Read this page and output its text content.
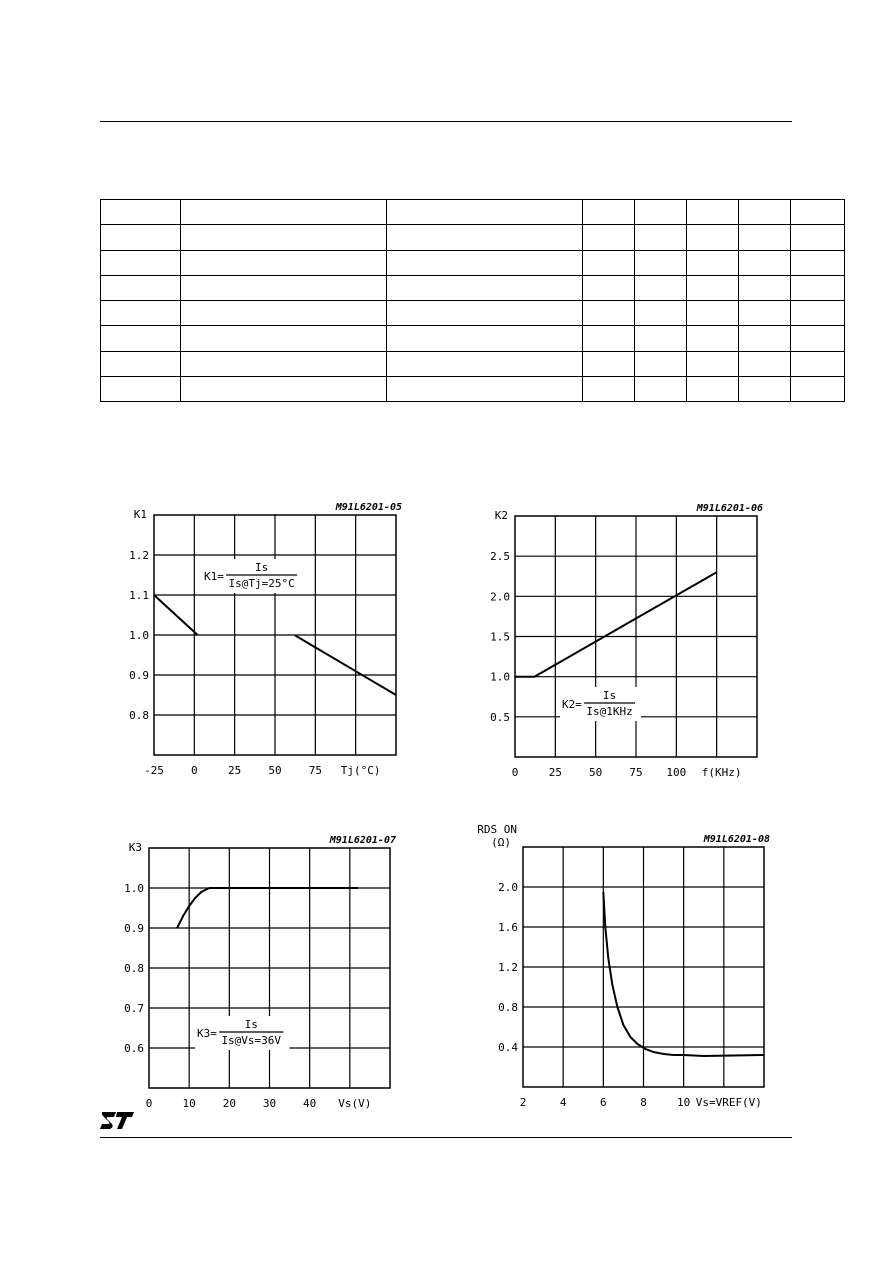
0.8
0.9
1.0
1.1
1.2
-25 0	25 50 75 Tj(°C)
K1
M91L6201-05
K1=
Is
Is@Tj=25°C
0.5
1.0
1.5
2.0
2.5
0	25 50 75 100 f(KHz)
K2
M91L6201-06
K2=
Is
Is@1KHz
0.6
0.7
0.8
0.9
1.0
0	10 20 30 40 Vs(V)
K3
M91L6201-07
K3=
Is
Is@Vs=36V
0.4
0.8
1.2
1.6
2.0
2	4	6	8	10 Vs=VREF(V)
RDS ON
(Ω)	M91L6201-08
